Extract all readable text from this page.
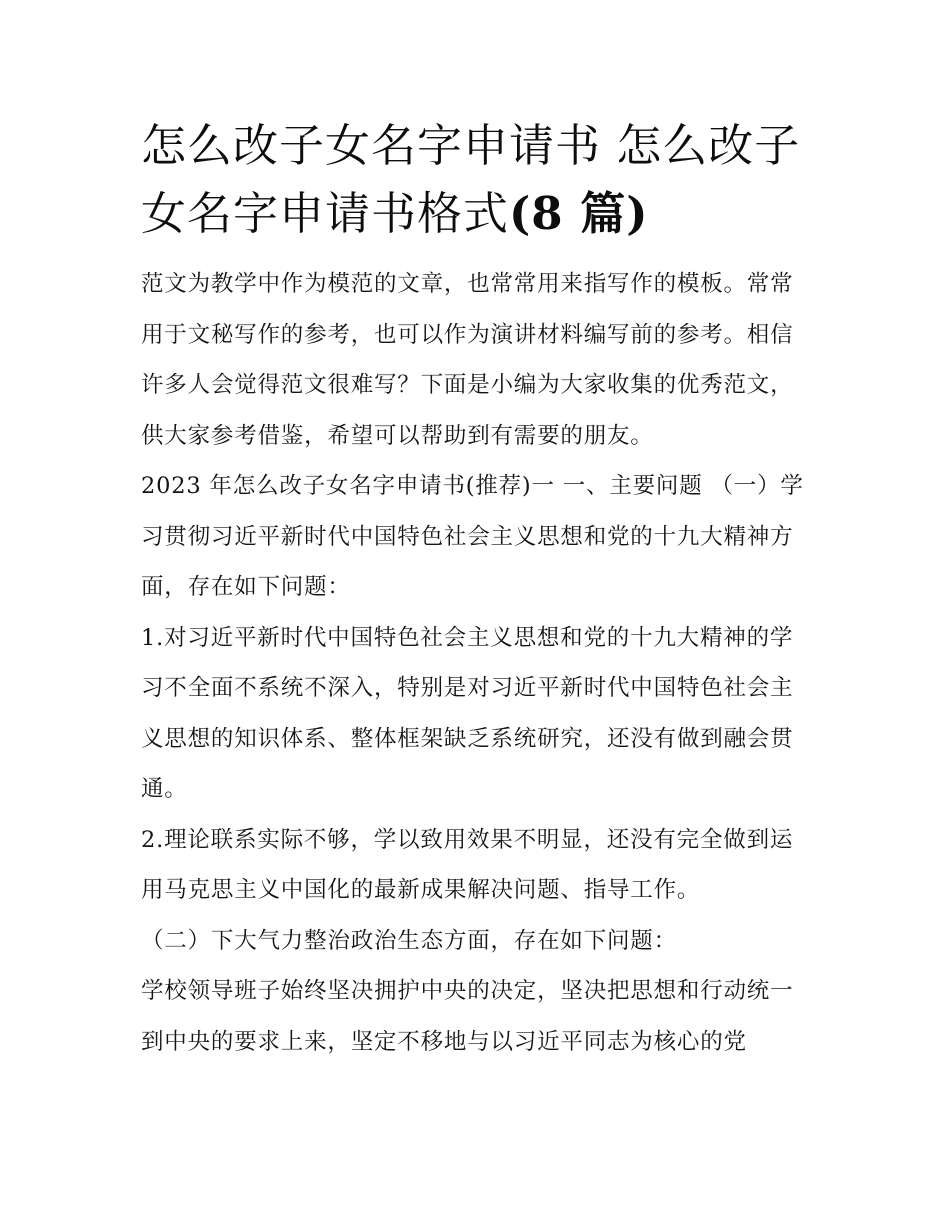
怎么改子女名字申请书 怎么改子女名字申请书格式(8 篇)

范文为教学中作为模范的文章，也常常用来指写作的模板。常常用于文秘写作的参考，也可以作为演讲材料编写前的参考。相信许多人会觉得范文很难写？下面是小编为大家收集的优秀范文，供大家参考借鉴，希望可以帮助到有需要的朋友。

2023 年怎么改子女名字申请书(推荐)一 一、主要问题 （一）学习贯彻习近平新时代中国特色社会主义思想和党的十九大精神方面，存在如下问题：

1.对习近平新时代中国特色社会主义思想和党的十九大精神的学习不全面不系统不深入，特别是对习近平新时代中国特色社会主义思想的知识体系、整体框架缺乏系统研究，还没有做到融会贯通。

2.理论联系实际不够，学以致用效果不明显，还没有完全做到运用马克思主义中国化的最新成果解决问题、指导工作。

（二）下大气力整治政治生态方面，存在如下问题：

学校领导班子始终坚决拥护中央的决定，坚决把思想和行动统一到中央的要求上来，坚定不移地与以习近平同志为核心的党
